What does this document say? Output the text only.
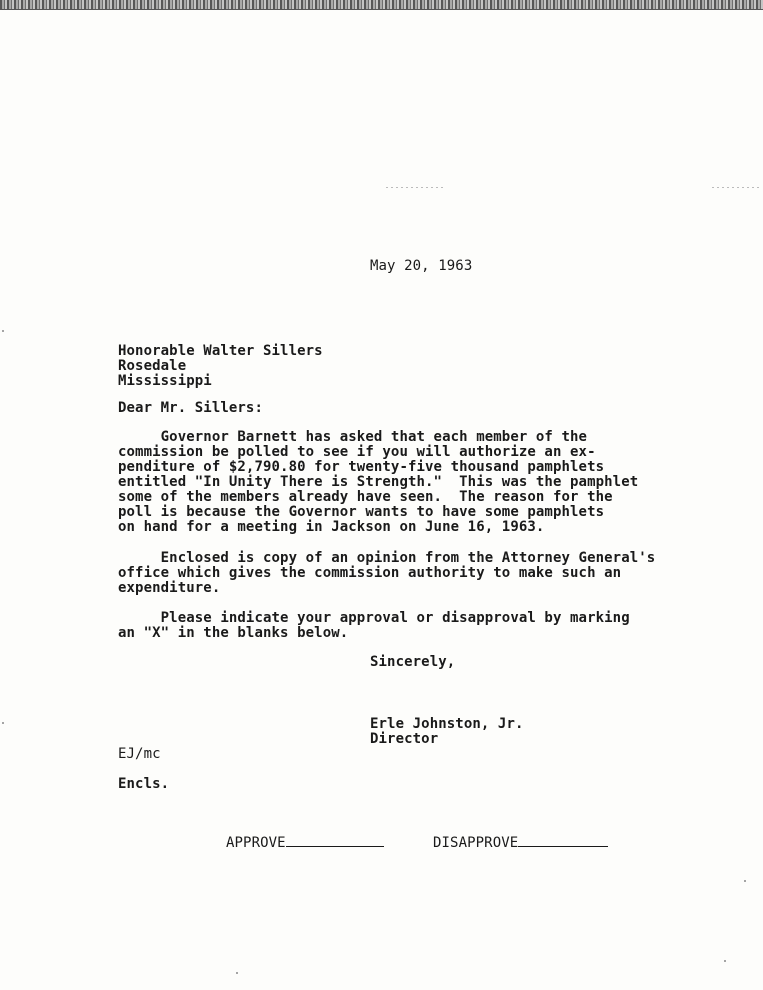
May 20, 1963
Honorable Walter Sillers
Rosedale
Mississippi
Dear Mr. Sillers:
Governor Barnett has asked that each member of the
commission be polled to see if you will authorize an ex-
penditure of $2,790.80 for twenty-five thousand pamphlets
entitled "In Unity There is Strength."  This was the pamphlet
some of the members already have seen.  The reason for the
poll is because the Governor wants to have some pamphlets
on hand for a meeting in Jackson on June 16, 1963.
Enclosed is copy of an opinion from the Attorney General's
office which gives the commission authority to make such an
expenditure.
Please indicate your approval or disapproval by marking
an "X" in the blanks below.
Sincerely,
Erle Johnston, Jr.
Director
EJ/mc
Encls.
APPROVE	DISAPPROVE
